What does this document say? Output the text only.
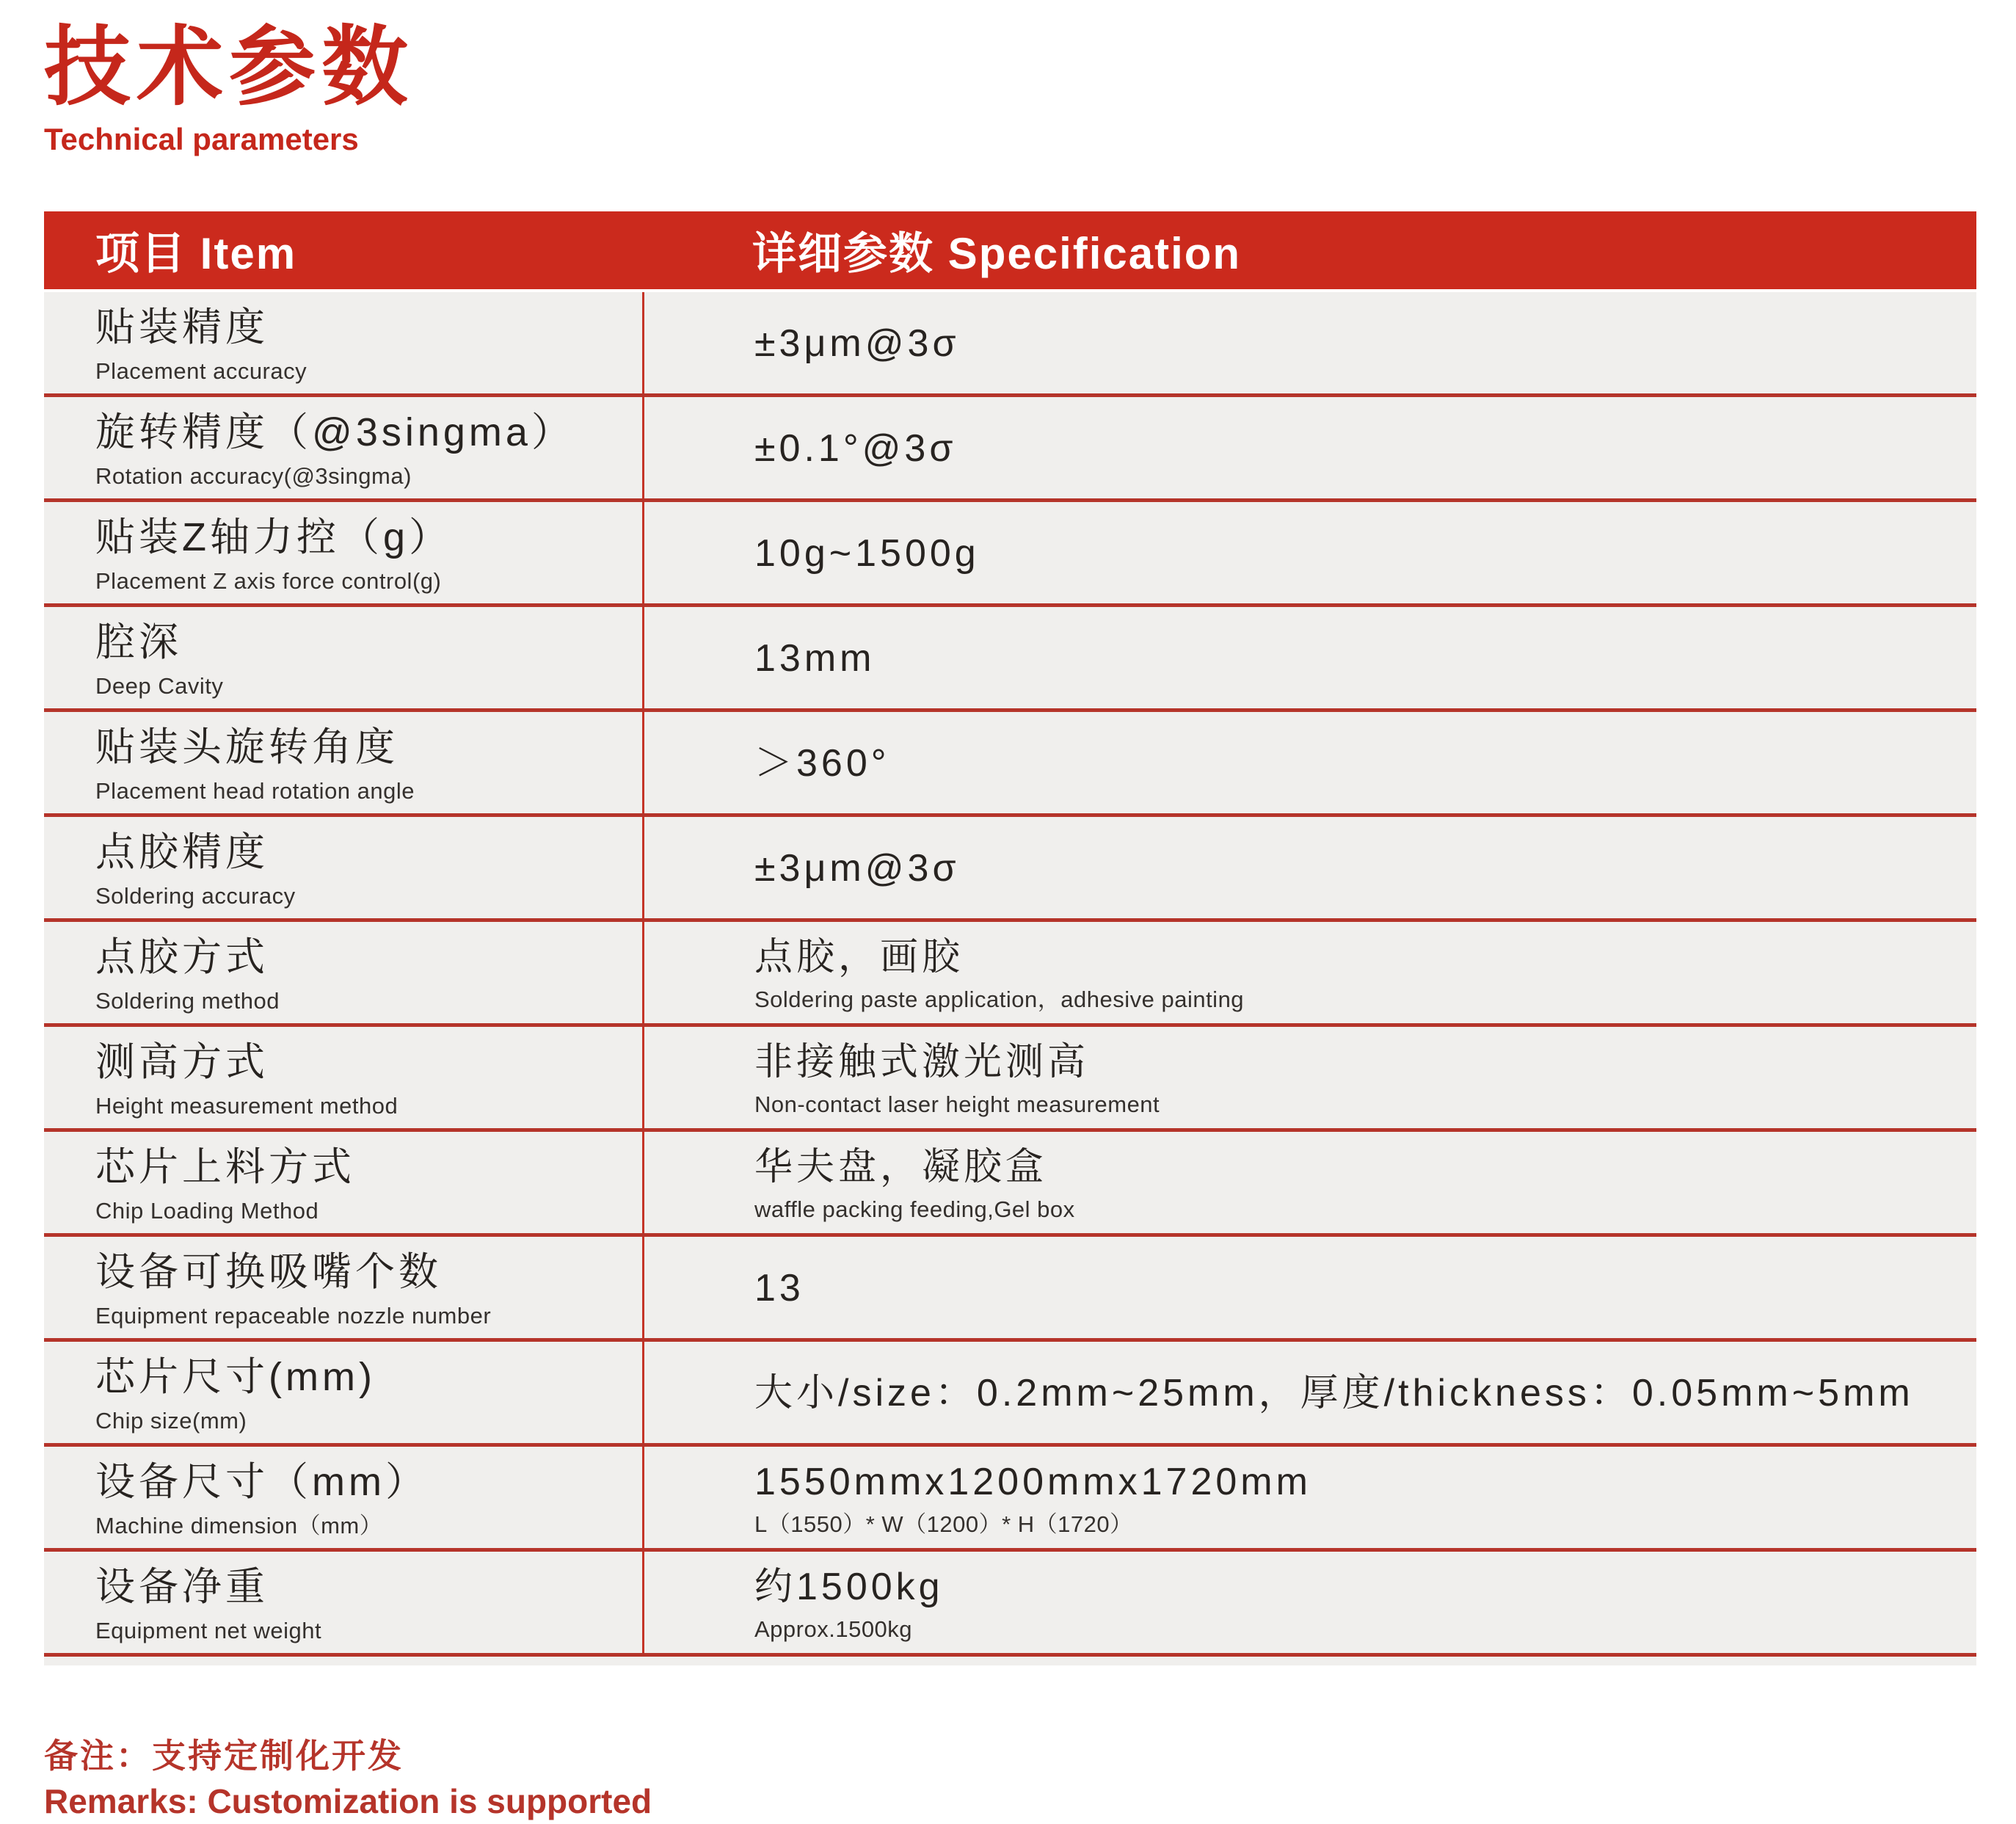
技术参数
Technical parameters
项目 Item	详细参数 Specification
贴装精度
Placement accuracy
±3μm@3σ
旋转精度（@3singma）
Rotation accuracy(@3singma)
±0.1°@3σ
贴装Z轴力控（g）
Placement Z axis force control(g)
10g~1500g
腔深
Deep Cavity
13mm
贴装头旋转角度
Placement head rotation angle
＞360°
点胶精度
Soldering accuracy
±3μm@3σ
点胶方式
Soldering method
点胶，画胶
Soldering paste application，adhesive painting
测高方式
Height measurement method
非接触式激光测高
Non-contact laser height measurement
芯片上料方式
Chip Loading Method
华夫盘，凝胶盒
waffle packing feeding,Gel box
设备可换吸嘴个数
Equipment repaceable nozzle number
13
芯片尺寸(mm)
Chip size(mm)
大小/size：0.2mm~25mm，厚度/thickness：0.05mm~5mm
设备尺寸（mm）
Machine dimension（mm）
1550mmx1200mmx1720mm
L（1550）* W（1200）* H（1720）
设备净重
Equipment net weight
约1500kg
Approx.1500kg
备注：支持定制化开发
Remarks: Customization is supported
